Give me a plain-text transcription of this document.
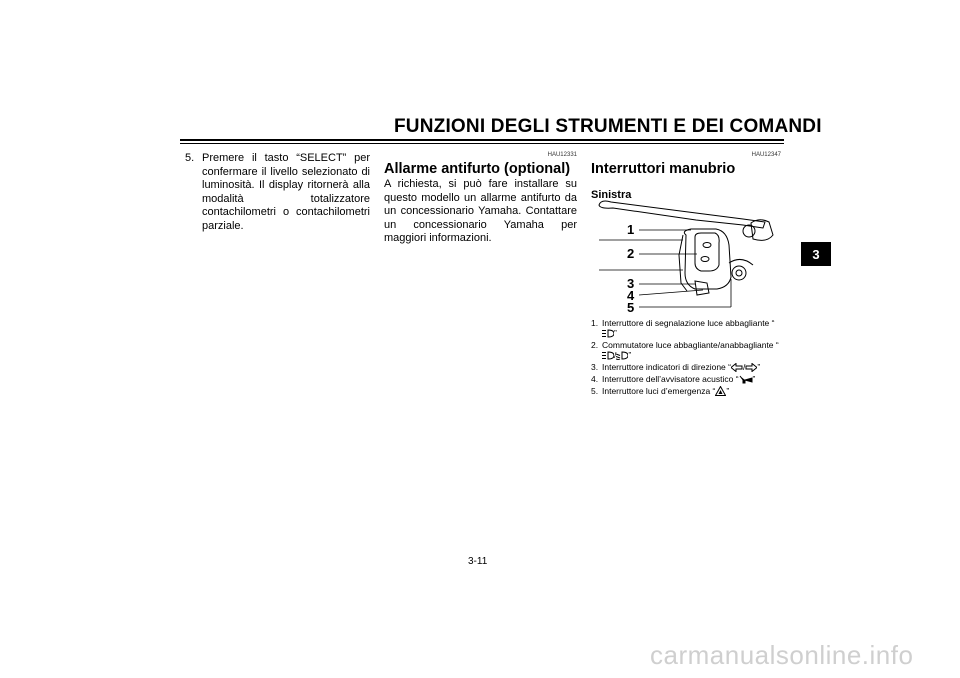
FUNZIONI DEGLI STRUMENTI E DEI COMANDI
3
5. Premere il tasto “SELECT” per confermare il livello selezionato di luminosità. Il display ritornerà alla modalità totalizzatore contachilometri o contachilometri parziale.
HAU12331
Allarme antifurto (optional)

A richiesta, si può fare installare su questo modello un allarme antifurto da un concessionario Yamaha. Contattare un concessionario Yamaha per maggiori informazioni.

HAU12347
Interruttori manubrio
Sinistra
1
2
3
4
5
1. Interruttore di segnalazione luce abbagliante “”
2. Commutatore luce abbagliante/anabbagliante “/ ”
3. Interruttore indicatori di direzione “ / ”
4. Interruttore dell’avvisatore acustico “ ”
5. Interruttore luci d’emergenza “ ”
3-11
carmanualsonline.info
